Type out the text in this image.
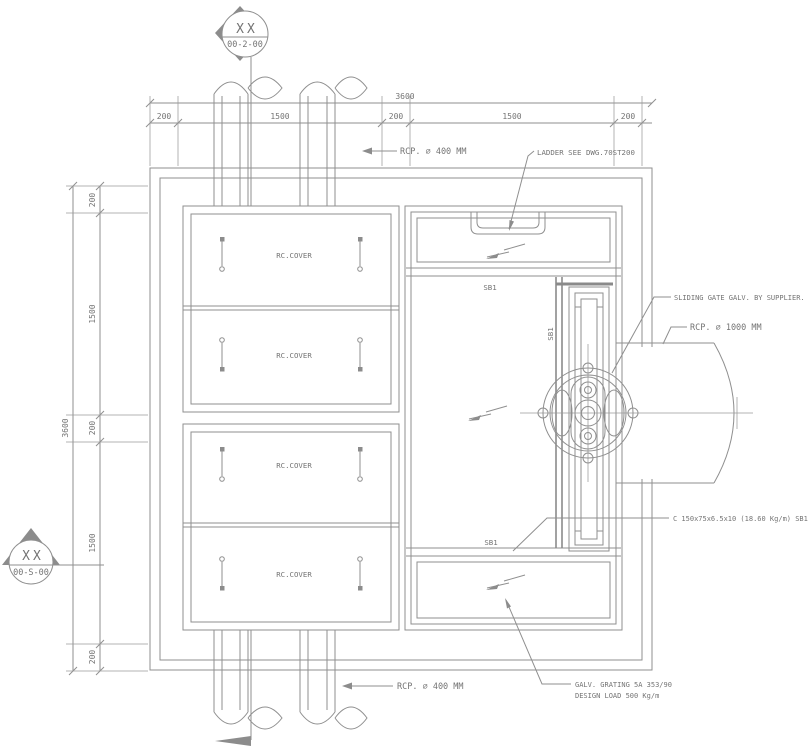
XX
00-2-00
XX
00-S-00
3600
200	1500	200	1500	200
3600
200
1500
200
1500
200
RC.COVER
RC.COVER
RC.COVER
RC.COVER
SB1
SB1
SB1
RCP. ∅ 400 MM	LADDER SEE DWG.70ST200
SLIDING GATE GALV. BY SUPPLIER.
RCP. ∅ 1000 MM
C 150x75x6.5x10 (18.60 Kg/m) SB1
GALV. GRATING 5A 353/90
DESIGN LOAD 500 Kg/m
RCP. ∅ 400 MM
